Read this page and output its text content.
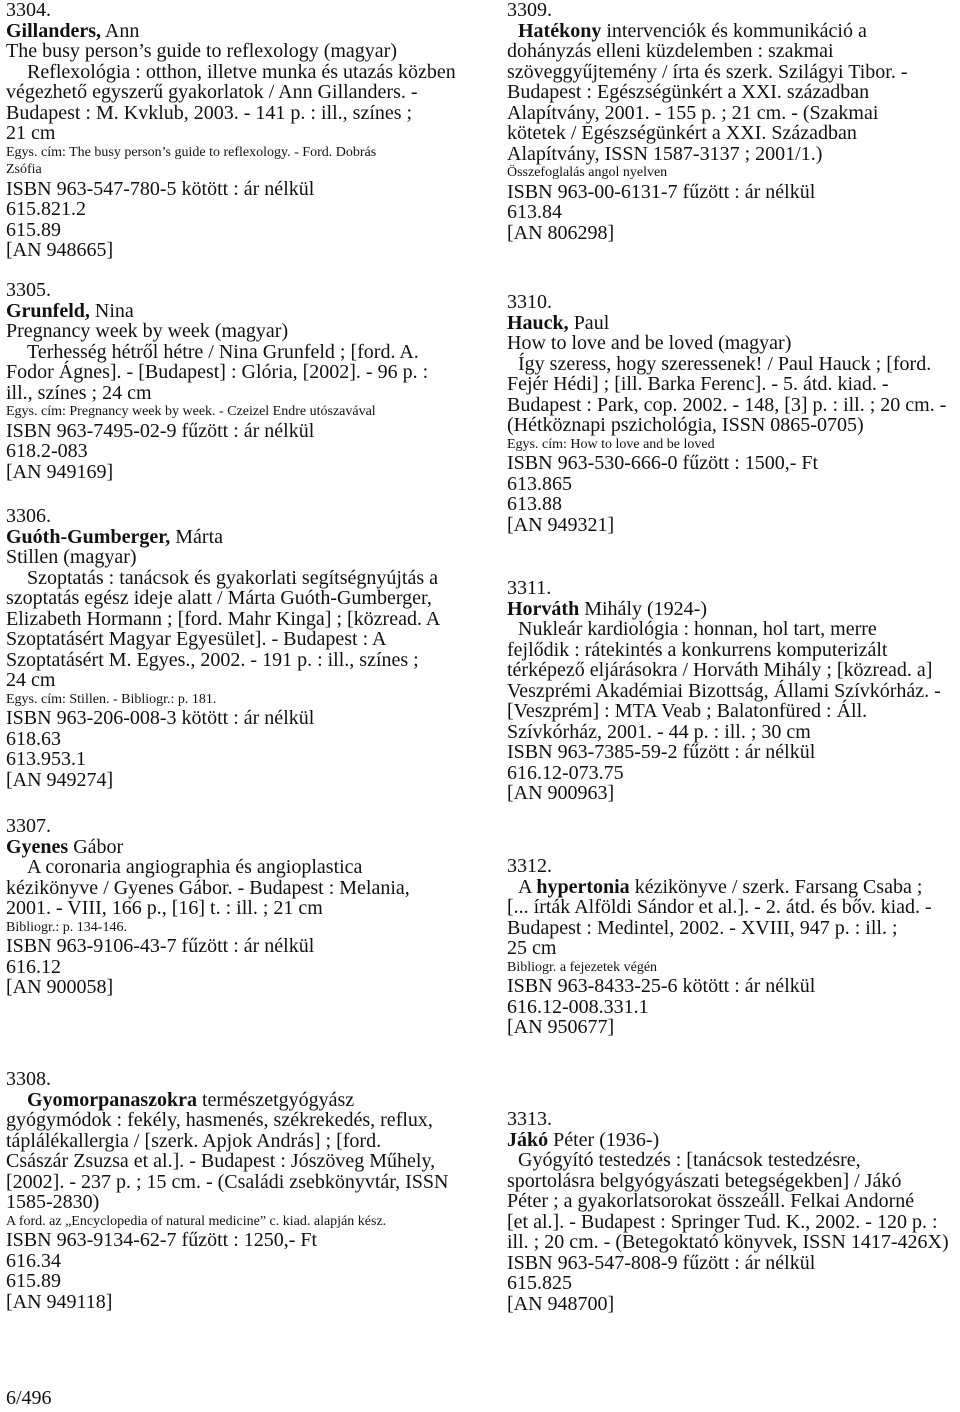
3304.
Gillanders, Ann
The busy person’s guide to reflexology (magyar)
Reflexológia : otthon, illetve munka és utazás közben
végezhető egyszerű gyakorlatok / Ann Gillanders. -
Budapest : M. Kvklub, 2003. - 141 p. : ill., színes ;
21 cm
Egys. cím: The busy person’s guide to reflexology. - Ford. Dobrás
Zsófia
ISBN 963-547-780-5 kötött : ár nélkül
615.821.2
615.89
[AN 948665]
3305.
Grunfeld, Nina
Pregnancy week by week (magyar)
Terhesség hétről hétre / Nina Grunfeld ; [ford. A.
Fodor Ágnes]. - [Budapest] : Glória, [2002]. - 96 p. :
ill., színes ; 24 cm
Egys. cím: Pregnancy week by week. - Czeizel Endre utószavával
ISBN 963-7495-02-9 fűzött : ár nélkül
618.2-083
[AN 949169]
3306.
Guóth-Gumberger, Márta
Stillen (magyar)
Szoptatás : tanácsok és gyakorlati segítségnyújtás a
szoptatás egész ideje alatt / Márta Guóth-Gumberger,
Elizabeth Hormann ; [ford. Mahr Kinga] ; [közread. A
Szoptatásért Magyar Egyesület]. - Budapest : A
Szoptatásért M. Egyes., 2002. - 191 p. : ill., színes ;
24 cm
Egys. cím: Stillen. - Bibliogr.: p. 181.
ISBN 963-206-008-3 kötött : ár nélkül
618.63
613.953.1
[AN 949274]
3307.
Gyenes Gábor
A coronaria angiographia és angioplastica
kézikönyve / Gyenes Gábor. - Budapest : Melania,
2001. - VIII, 166 p., [16] t. : ill. ; 21 cm
Bibliogr.: p. 134-146.
ISBN 963-9106-43-7 fűzött : ár nélkül
616.12
[AN 900058]
3308.
Gyomorpanaszokra természetgyógyász
gyógymódok : fekély, hasmenés, székrekedés, reflux,
táplálékallergia / [szerk. Apjok András] ; [ford.
Császár Zsuzsa et al.]. - Budapest : Jószöveg Műhely,
[2002]. - 237 p. ; 15 cm. - (Családi zsebkönyvtár, ISSN
1585-2830)
A ford. az „Encyclopedia of natural medicine” c. kiad. alapján kész.
ISBN 963-9134-62-7 fűzött : 1250,- Ft
616.34
615.89
[AN 949118]
3309.
Hatékony intervenciók és kommunikáció a
dohányzás elleni küzdelemben : szakmai
szöveggyűjtemény / írta és szerk. Szilágyi Tibor. -
Budapest : Egészségünkért a XXI. században
Alapítvány, 2001. - 155 p. ; 21 cm. - (Szakmai
kötetek / Egészségünkért a XXI. Században
Alapítvány, ISSN 1587-3137 ; 2001/1.)
Összefoglalás angol nyelven
ISBN 963-00-6131-7 fűzött : ár nélkül
613.84
[AN 806298]
3310.
Hauck, Paul
How to love and be loved (magyar)
Így szeress, hogy szeressenek! / Paul Hauck ; [ford.
Fejér Hédi] ; [ill. Barka Ferenc]. - 5. átd. kiad. -
Budapest : Park, cop. 2002. - 148, [3] p. : ill. ; 20 cm. -
(Hétköznapi pszichológia, ISSN 0865-0705)
Egys. cím: How to love and be loved
ISBN 963-530-666-0 fűzött : 1500,- Ft
613.865
613.88
[AN 949321]
3311.
Horváth Mihály (1924-)
Nukleár kardiológia : honnan, hol tart, merre
fejlődik : rátekintés a konkurrens komputerizált
térképező eljárásokra / Horváth Mihály ; [közread. a]
Veszprémi Akadémiai Bizottság, Állami Szívkórház. -
[Veszprém] : MTA Veab ; Balatonfüred : Áll.
Szívkórház, 2001. - 44 p. : ill. ; 30 cm
ISBN 963-7385-59-2 fűzött : ár nélkül
616.12-073.75
[AN 900963]
3312.
A hypertonia kézikönyve / szerk. Farsang Csaba ;
[... írták Alföldi Sándor et al.]. - 2. átd. és bőv. kiad. -
Budapest : Medintel, 2002. - XVIII, 947 p. : ill. ;
25 cm
Bibliogr. a fejezetek végén
ISBN 963-8433-25-6 kötött : ár nélkül
616.12-008.331.1
[AN 950677]
3313.
Jákó Péter (1936-)
Gyógyító testedzés : [tanácsok testedzésre,
sportolásra belgyógyászati betegségekben] / Jákó
Péter ; a gyakorlatsorokat összeáll. Felkai Andorné
[et al.]. - Budapest : Springer Tud. K., 2002. - 120 p. :
ill. ; 20 cm. - (Betegoktató könyvek, ISSN 1417-426X)
ISBN 963-547-808-9 fűzött : ár nélkül
615.825
[AN 948700]
6/496
